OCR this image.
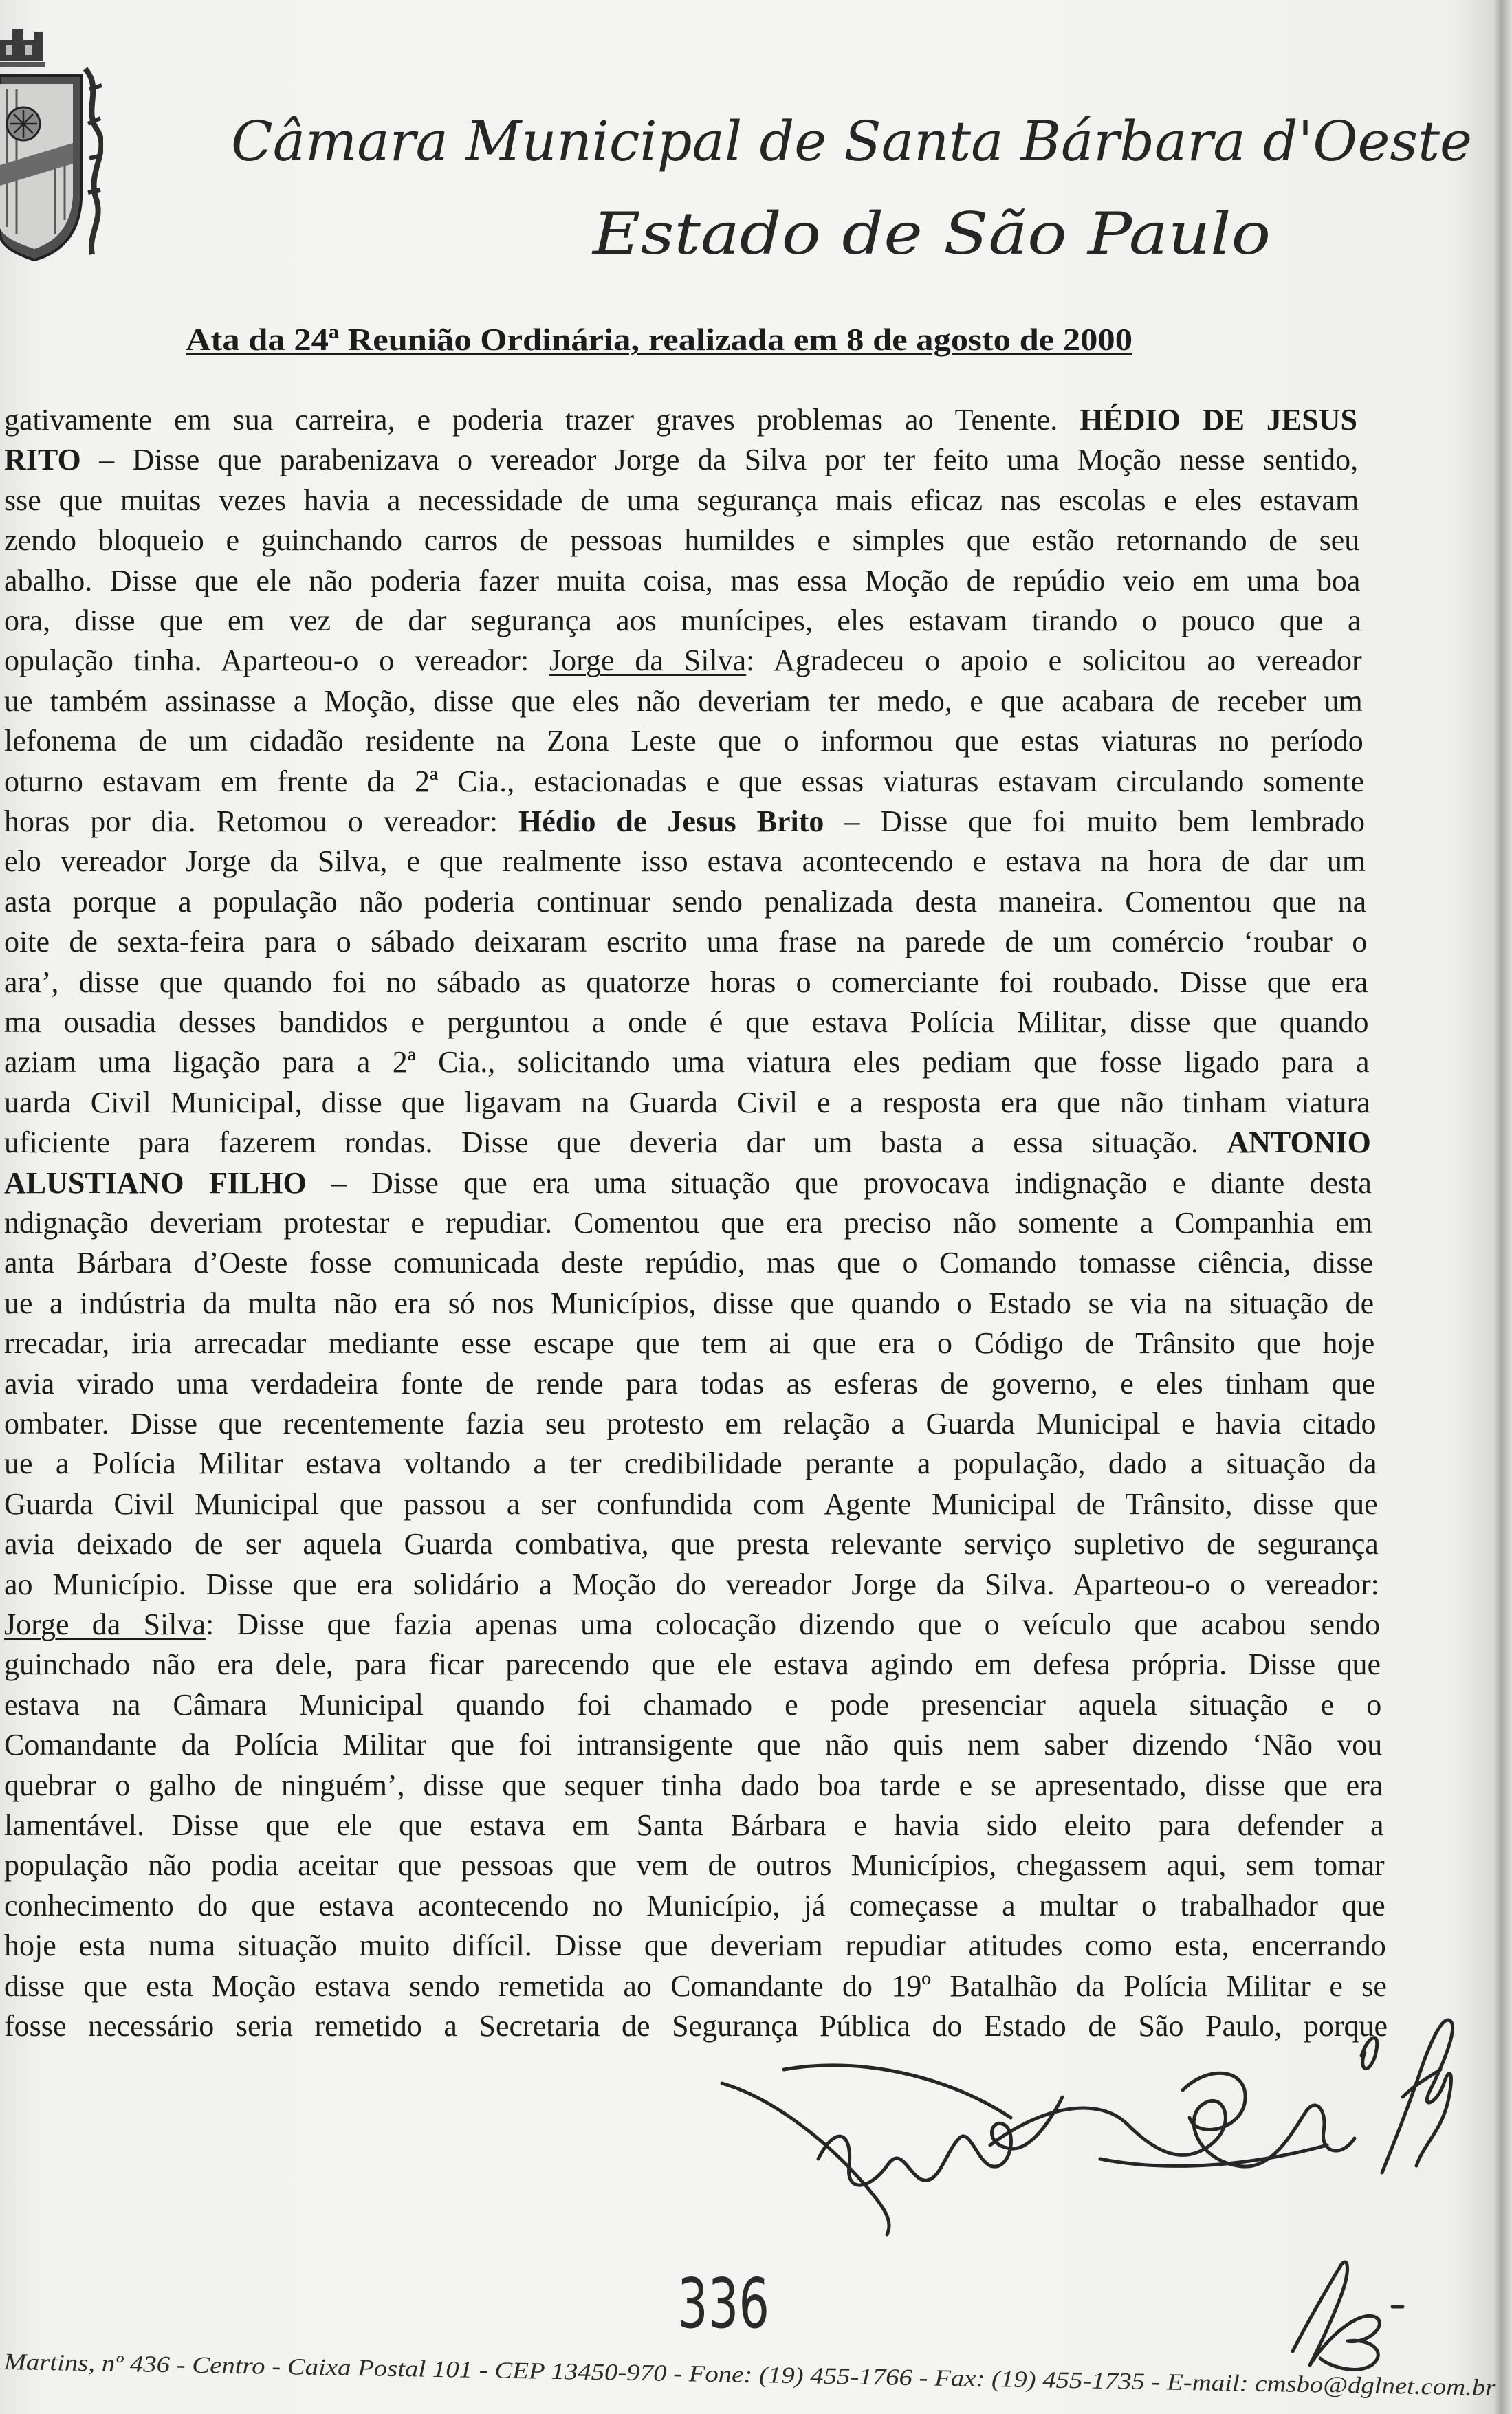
Câmara Municipal de Santa Bárbara d'Oeste
Estado de São Paulo
Ata da 24ª Reunião Ordinária, realizada em 8 de agosto de 2000
gativamente em sua carreira, e poderia trazer graves problemas ao Tenente. HÉDIO DE JESUS
RITO – Disse que parabenizava o vereador Jorge da Silva por ter feito uma Moção nesse sentido,
sse que muitas vezes havia a necessidade de uma segurança mais eficaz nas escolas e eles estavam
zendo bloqueio e guinchando carros de pessoas humildes e simples que estão retornando de seu
abalho. Disse que ele não poderia fazer muita coisa, mas essa Moção de repúdio veio em uma boa
ora, disse que em vez de dar segurança aos munícipes, eles estavam tirando o pouco que a
opulação tinha. Aparteou-o o vereador: Jorge da Silva: Agradeceu o apoio e solicitou ao vereador
ue também assinasse a Moção, disse que eles não deveriam ter medo, e que acabara de receber um
lefonema de um cidadão residente na Zona Leste que o informou que estas viaturas no período
oturno estavam em frente da 2ª Cia., estacionadas e que essas viaturas estavam circulando somente
horas por dia. Retomou o vereador: Hédio de Jesus Brito – Disse que foi muito bem lembrado
elo vereador Jorge da Silva, e que realmente isso estava acontecendo e estava na hora de dar um
asta porque a população não poderia continuar sendo penalizada desta maneira. Comentou que na
oite de sexta-feira para o sábado deixaram escrito uma frase na parede de um comércio ‘roubar o
ara’, disse que quando foi no sábado as quatorze horas o comerciante foi roubado. Disse que era
ma ousadia desses bandidos e perguntou a onde é que estava Polícia Militar, disse que quando
aziam uma ligação para a 2ª Cia., solicitando uma viatura eles pediam que fosse ligado para a
uarda Civil Municipal, disse que ligavam na Guarda Civil e a resposta era que não tinham viatura
uficiente para fazerem rondas. Disse que deveria dar um basta a essa situação. ANTONIO
ALUSTIANO FILHO – Disse que era uma situação que provocava indignação e diante desta
ndignação deveriam protestar e repudiar. Comentou que era preciso não somente a Companhia em
anta Bárbara d’Oeste fosse comunicada deste repúdio, mas que o Comando tomasse ciência, disse
ue a indústria da multa não era só nos Municípios, disse que quando o Estado se via na situação de
rrecadar, iria arrecadar mediante esse escape que tem ai que era o Código de Trânsito que hoje
avia virado uma verdadeira fonte de rende para todas as esferas de governo, e eles tinham que
ombater. Disse que recentemente fazia seu protesto em relação a Guarda Municipal e havia citado
ue a Polícia Militar estava voltando a ter credibilidade perante a população, dado a situação da
Guarda Civil Municipal que passou a ser confundida com Agente Municipal de Trânsito, disse que
avia deixado de ser aquela Guarda combativa, que presta relevante serviço supletivo de segurança
ao Município. Disse que era solidário a Moção do vereador Jorge da Silva. Aparteou-o o vereador:
Jorge da Silva: Disse que fazia apenas uma colocação dizendo que o veículo que acabou sendo
guinchado não era dele, para ficar parecendo que ele estava agindo em defesa própria. Disse que
estava na Câmara Municipal quando foi chamado e pode presenciar aquela situação e o
Comandante da Polícia Militar que foi intransigente que não quis nem saber dizendo ‘Não vou
quebrar o galho de ninguém’, disse que sequer tinha dado boa tarde e se apresentado, disse que era
lamentável. Disse que ele que estava em Santa Bárbara e havia sido eleito para defender a
população não podia aceitar que pessoas que vem de outros Municípios, chegassem aqui, sem tomar
conhecimento do que estava acontecendo no Município, já começasse a multar o trabalhador que
hoje esta numa situação muito difícil. Disse que deveriam repudiar atitudes como esta, encerrando
disse que esta Moção estava sendo remetida ao Comandante do 19º Batalhão da Polícia Militar e se
fosse necessário seria remetido a Secretaria de Segurança Pública do Estado de São Paulo, porque
336
Martins, nº 436 - Centro - Caixa Postal 101 - CEP 13450-970 - Fone: (19) 455-1766 - Fax: (19) 455-1735 - E-mail: cmsbo@dglnet.com.br
